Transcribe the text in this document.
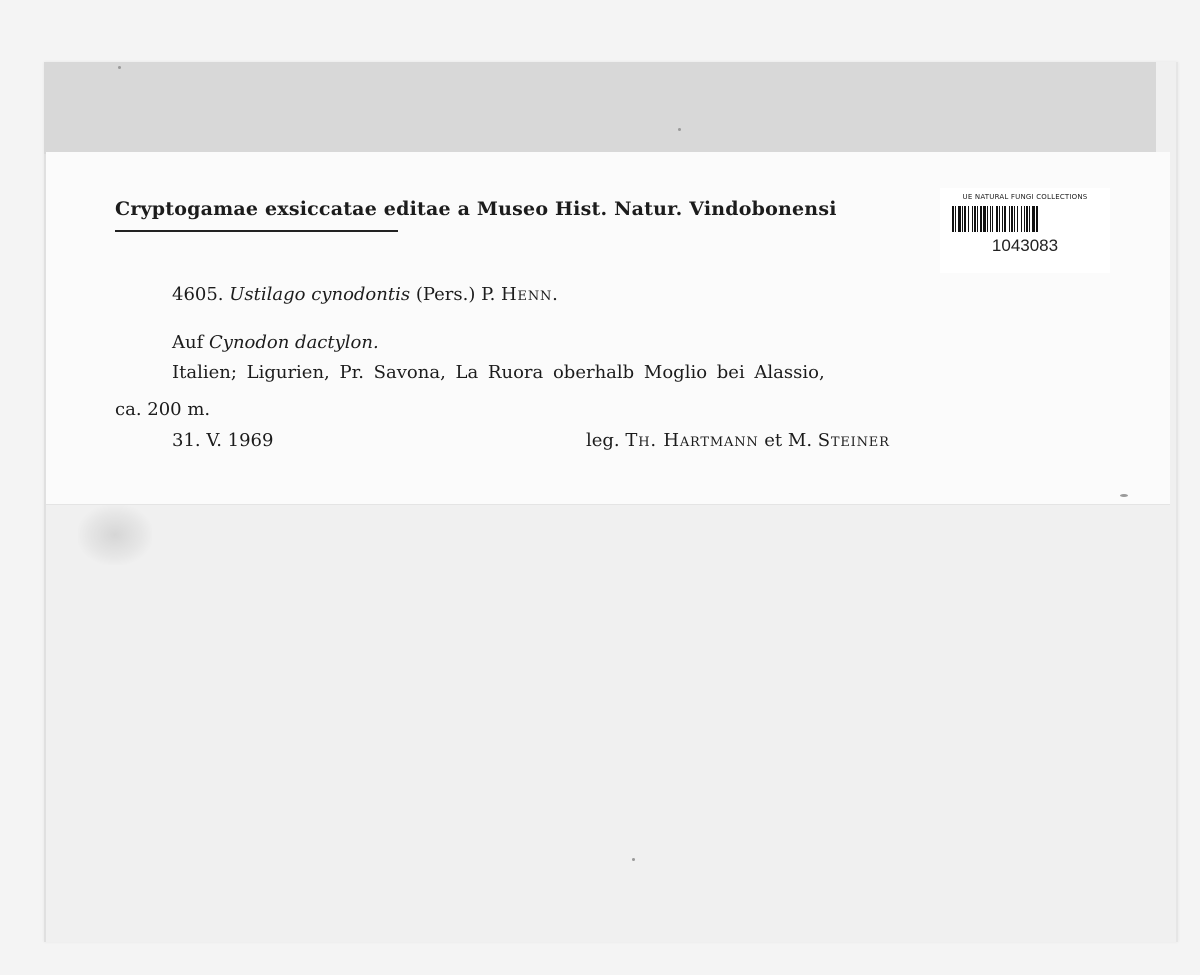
Cryptogamae exsiccatae editae a Museo Hist. Natur. Vindobonensi
UE NATURAL FUNGI COLLECTIONS
1043083
4605. Ustilago cynodontis (Pers.) P. Henn.
Auf Cynodon dactylon.
Italien; Ligurien, Pr. Savona, La Ruora oberhalb Moglio bei Alassio,
ca. 200 m.
31. V. 1969	leg. Th. Hartmann et M. Steiner
